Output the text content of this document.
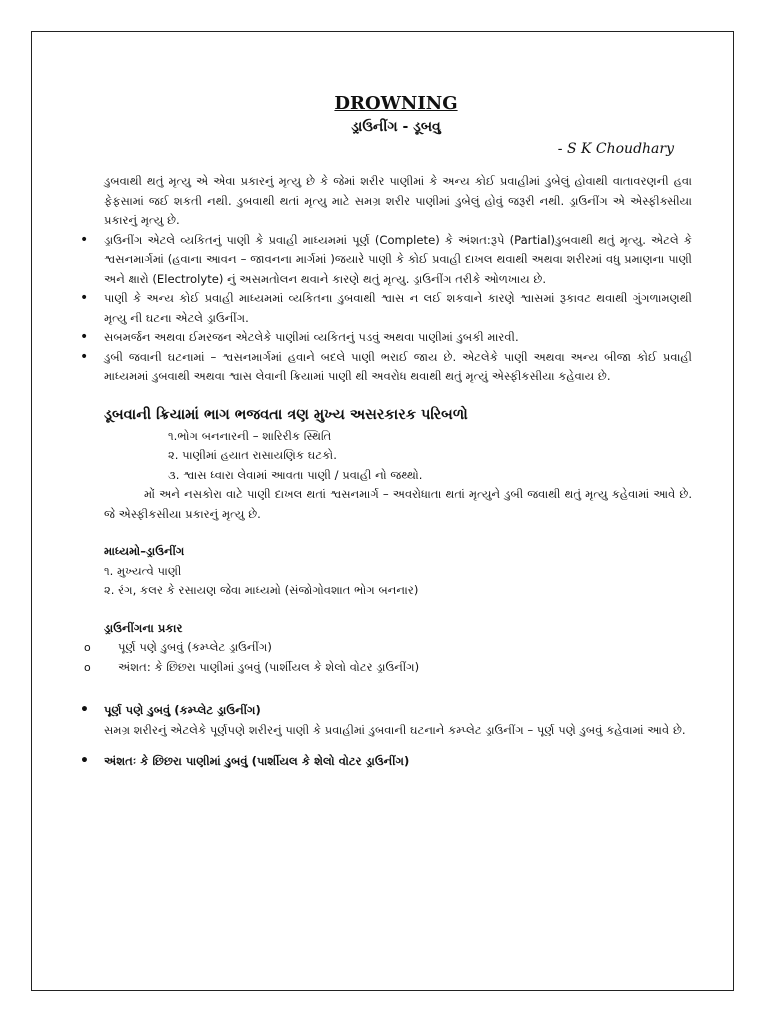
DROWNING

ડ્રાઉનીંગ - ડૂબવુ

- S K Choudhary

ડુબવાથી થતું મૃત્યુ એ એવા પ્રકારનું મૃત્યુ છે કે જેમાં શરીર પાણીમાં કે અન્ય કોઈ પ્રવાહીમાં ડુબેલું હોવાથી વાતાવરણની હવા ફેફસામાં જઈ શકતી નથી. ડુબવાથી થતાં મૃત્યુ માટે સમગ્ર શરીર પાણીમાં ડુબેલું હોવું જરૂરી નથી. ડ્રાઉનીંગ એ એસ્ફીક્સીયા પ્રકારનું મૃત્યુ છે.

• ડ્રાઉનીંગ એટલે વ્યકિતનું પાણી કે પ્રવાહી માધ્યમમાં પૂર્ણ (Complete) કે અંશત:રૂપે (Partial)ડુબવાથી થતું મૃત્યુ. એટલે કે શ્વસનમાર્ગમાં (હવાના આવન – જાવનના માર્ગમાં )જયારે પાણી કે કોઈ પ્રવાહી દાખલ થવાથી અથવા શરીરમાં વધુ પ્રમાણના પાણી અને ક્ષારો (Electrolyte) નું અસમતોલન થવાને કારણે થતું મૃત્યુ. ડ્રાઉનીંગ તરીકે ઓળખાય છે.
• પાણી કે અન્ય કોઈ પ્રવાહી માધ્યમમાં વ્યકિતના ડુબવાથી શ્વાસ ન લઈ શકવાને કારણે શ્વાસમાં રૂકાવટ થવાથી ગુંગળામણથી મૃત્યુ ની ઘટના એટલે ડ્રાઉનીંગ.
• સબમર્જન અથવા ઈમરજન એટલેકે પાણીમાં વ્યકિતનું પડવું અથવા પાણીમાં ડુબકી મારવી.
• ડુબી જવાની ઘટનામાં – શ્વસનમાર્ગમાં હવાને બદલે પાણી ભરાઈ જાય છે. એટલેકે પાણી અથવા અન્ય બીજા કોઈ પ્રવાહી માધ્યમમાં ડુબવાથી અથવા શ્વાસ લેવાની ક્રિયામાં પાણી થી અવરોધ થવાથી થતું મૃત્યું એસ્ફીકસીયા કહેવાય છે.

ડૂબવાની ક્રિયામાં ભાગ ભજવતા ત્રણ મુખ્ય અસરકારક પરિબળો

૧.ભોગ બનનારની – શારિરીક સ્થિતિ

૨. પાણીમાં હયાત રાસાયણિક ઘટકો.

૩. શ્વાસ ધ્વારા લેવામાં આવતા પાણી / પ્રવાહી નો જથ્થો.

મોં અને નસકોરા વાટે પાણી દાખલ થતાં શ્વસનમાર્ગ – અવરોધાતા થતાં મૃત્યુને ડુબી જવાથી થતું મૃત્યુ કહેવામાં આવે છે. જે એસ્ફીકસીયા પ્રકારનું મૃત્યુ છે.

માધ્યમો–ડ્રાઉનીંગ

૧. મુખ્યત્વે પાણી

૨. રંગ, કલર કે રસાયણ જેવા માધ્યમો (સંજોગોવશાત ભોગ બનનાર)

ડ્રાઉનીંગના પ્રકાર

o પૂર્ણ પણે ડુબવું (કમ્પ્લેટ ડ્રાઉનીંગ)
o અંશત: કે છિછરા પાણીમાં ડુબવું (પાર્શીયલ કે શેલો વોટર ડ્રાઉનીંગ)
• પૂર્ણ પણે ડુબવું (કમ્પ્લેટ ડ્રાઉનીંગ)

સમગ્ર શરીરનું એટલેકે પૂર્ણપણે શરીરનું પાણી કે પ્રવાહીમાં ડુબવાની ઘટનાને કમ્પ્લેટ ડ્રાઉનીંગ – પૂર્ણ પણે ડુબવું કહેવામાં આવે છે.

• અંશતઃ કે છિછરા પાણીમાં ડુબવું (પાર્શીયલ કે શેલો વોટર ડ્રાઉનીંગ)
